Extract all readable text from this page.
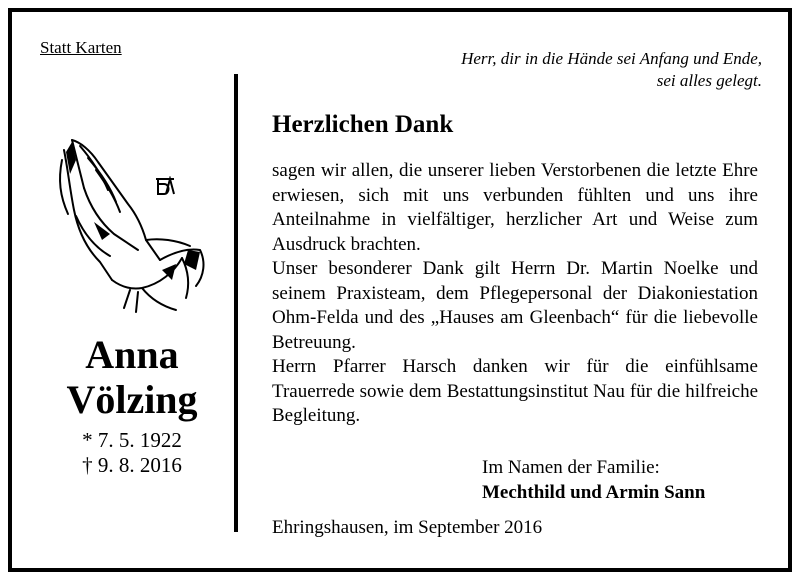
Statt Karten

Herr, dir in die Hände sei Anfang und Ende,
sei alles gelegt.
Anna
Völzing
* 7. 5. 1922
† 9. 8. 2016
Herzlichen Dank

sagen wir allen, die unserer lieben Verstorbenen die letzte Ehre erwiesen, sich mit uns verbunden fühlten und uns ihre Anteilnahme in vielfältiger, herzlicher Art und Weise zum Ausdruck brachten.

Unser besonderer Dank gilt Herrn Dr. Martin Noelke und seinem Praxisteam, dem Pflegepersonal der Diakoniestation Ohm-Felda und des „Hauses am Gleenbach“ für die liebevolle Betreuung.

Herrn Pfarrer Harsch danken wir für die einfühlsame Trauerrede sowie dem Bestattungsinstitut Nau für die hilfreiche Begleitung.

Im Namen der Familie:
Mechthild und Armin Sann
Ehringshausen, im September 2016
